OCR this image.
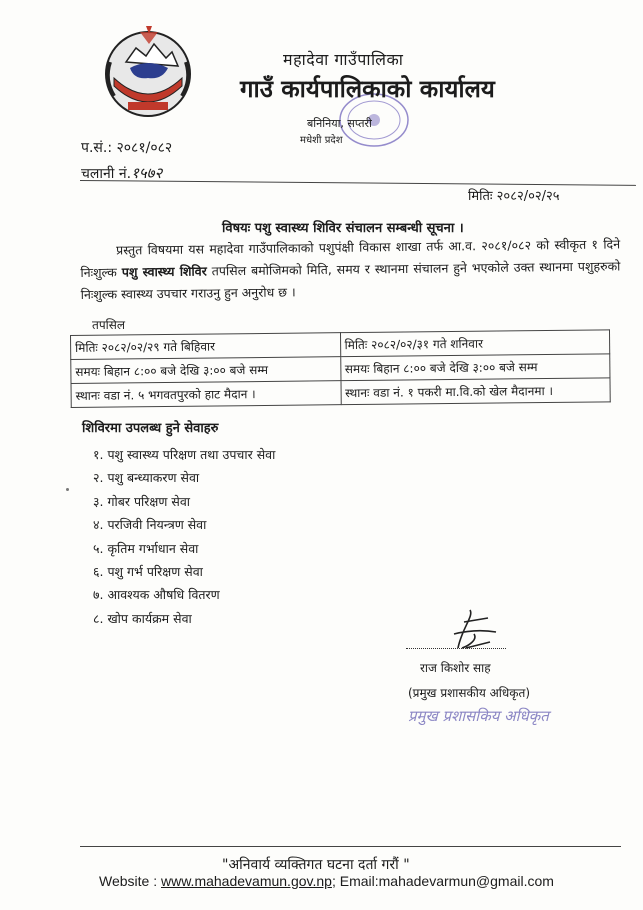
महादेवा गाउँपालिका
गाउँ कार्यपालिकाको कार्यालय
बनिनिया, सप्तरी
मधेशी प्रदेश
प.सं.: २०८१/०८२
चलानी नं.१५७२
मितिः २०८२/०२/२५
विषयः पशु स्वास्थ्य शिविर संचालन सम्बन्धी सूचना ।
प्रस्तुत विषयमा यस महादेवा गाउँपालिकाको पशुपंक्षी विकास शाखा तर्फ आ.व. २०८१/०८२ को स्वीकृत १ दिने निःशुल्क पशु स्वास्थ्य शिविर तपसिल बमोजिमको मिति, समय र स्थानमा संचालन हुने भएकोले उक्त स्थानमा पशुहरुको निःशुल्क स्वास्थ्य उपचार गराउनु हुन अनुरोध छ ।
तपसिल
मितिः २०८२/०२/२९ गते बिहिवार	मितिः २०८२/०२/३१ गते शनिवार
समयः बिहान ८:०० बजे देखि ३:०० बजे सम्म	समयः बिहान ८:०० बजे देखि ३:०० बजे सम्म
स्थानः वडा नं. ५ भगवतपुरको हाट मैदान ।	स्थानः वडा नं. १ पकरी मा.वि.को खेल मैदानमा ।
शिविरमा उपलब्ध हुने सेवाहरु
१. पशु स्वास्थ्य परिक्षण तथा उपचार सेवा
२. पशु बन्ध्याकरण सेवा
३. गोबर परिक्षण सेवा
४. परजिवी नियन्त्रण सेवा
५. कृतिम गर्भाधान सेवा
६. पशु गर्भ परिक्षण सेवा
७. आवश्यक औषधि वितरण
८. खोप कार्यक्रम सेवा
राज किशोर साह
(प्रमुख प्रशासकीय अधिकृत)
प्रमुख प्रशासकिय अधिकृत
"अनिवार्य व्यक्तिगत घटना दर्ता गरौं "
Website : www.mahadevamun.gov.np; Email:mahadevarmun@gmail.com
